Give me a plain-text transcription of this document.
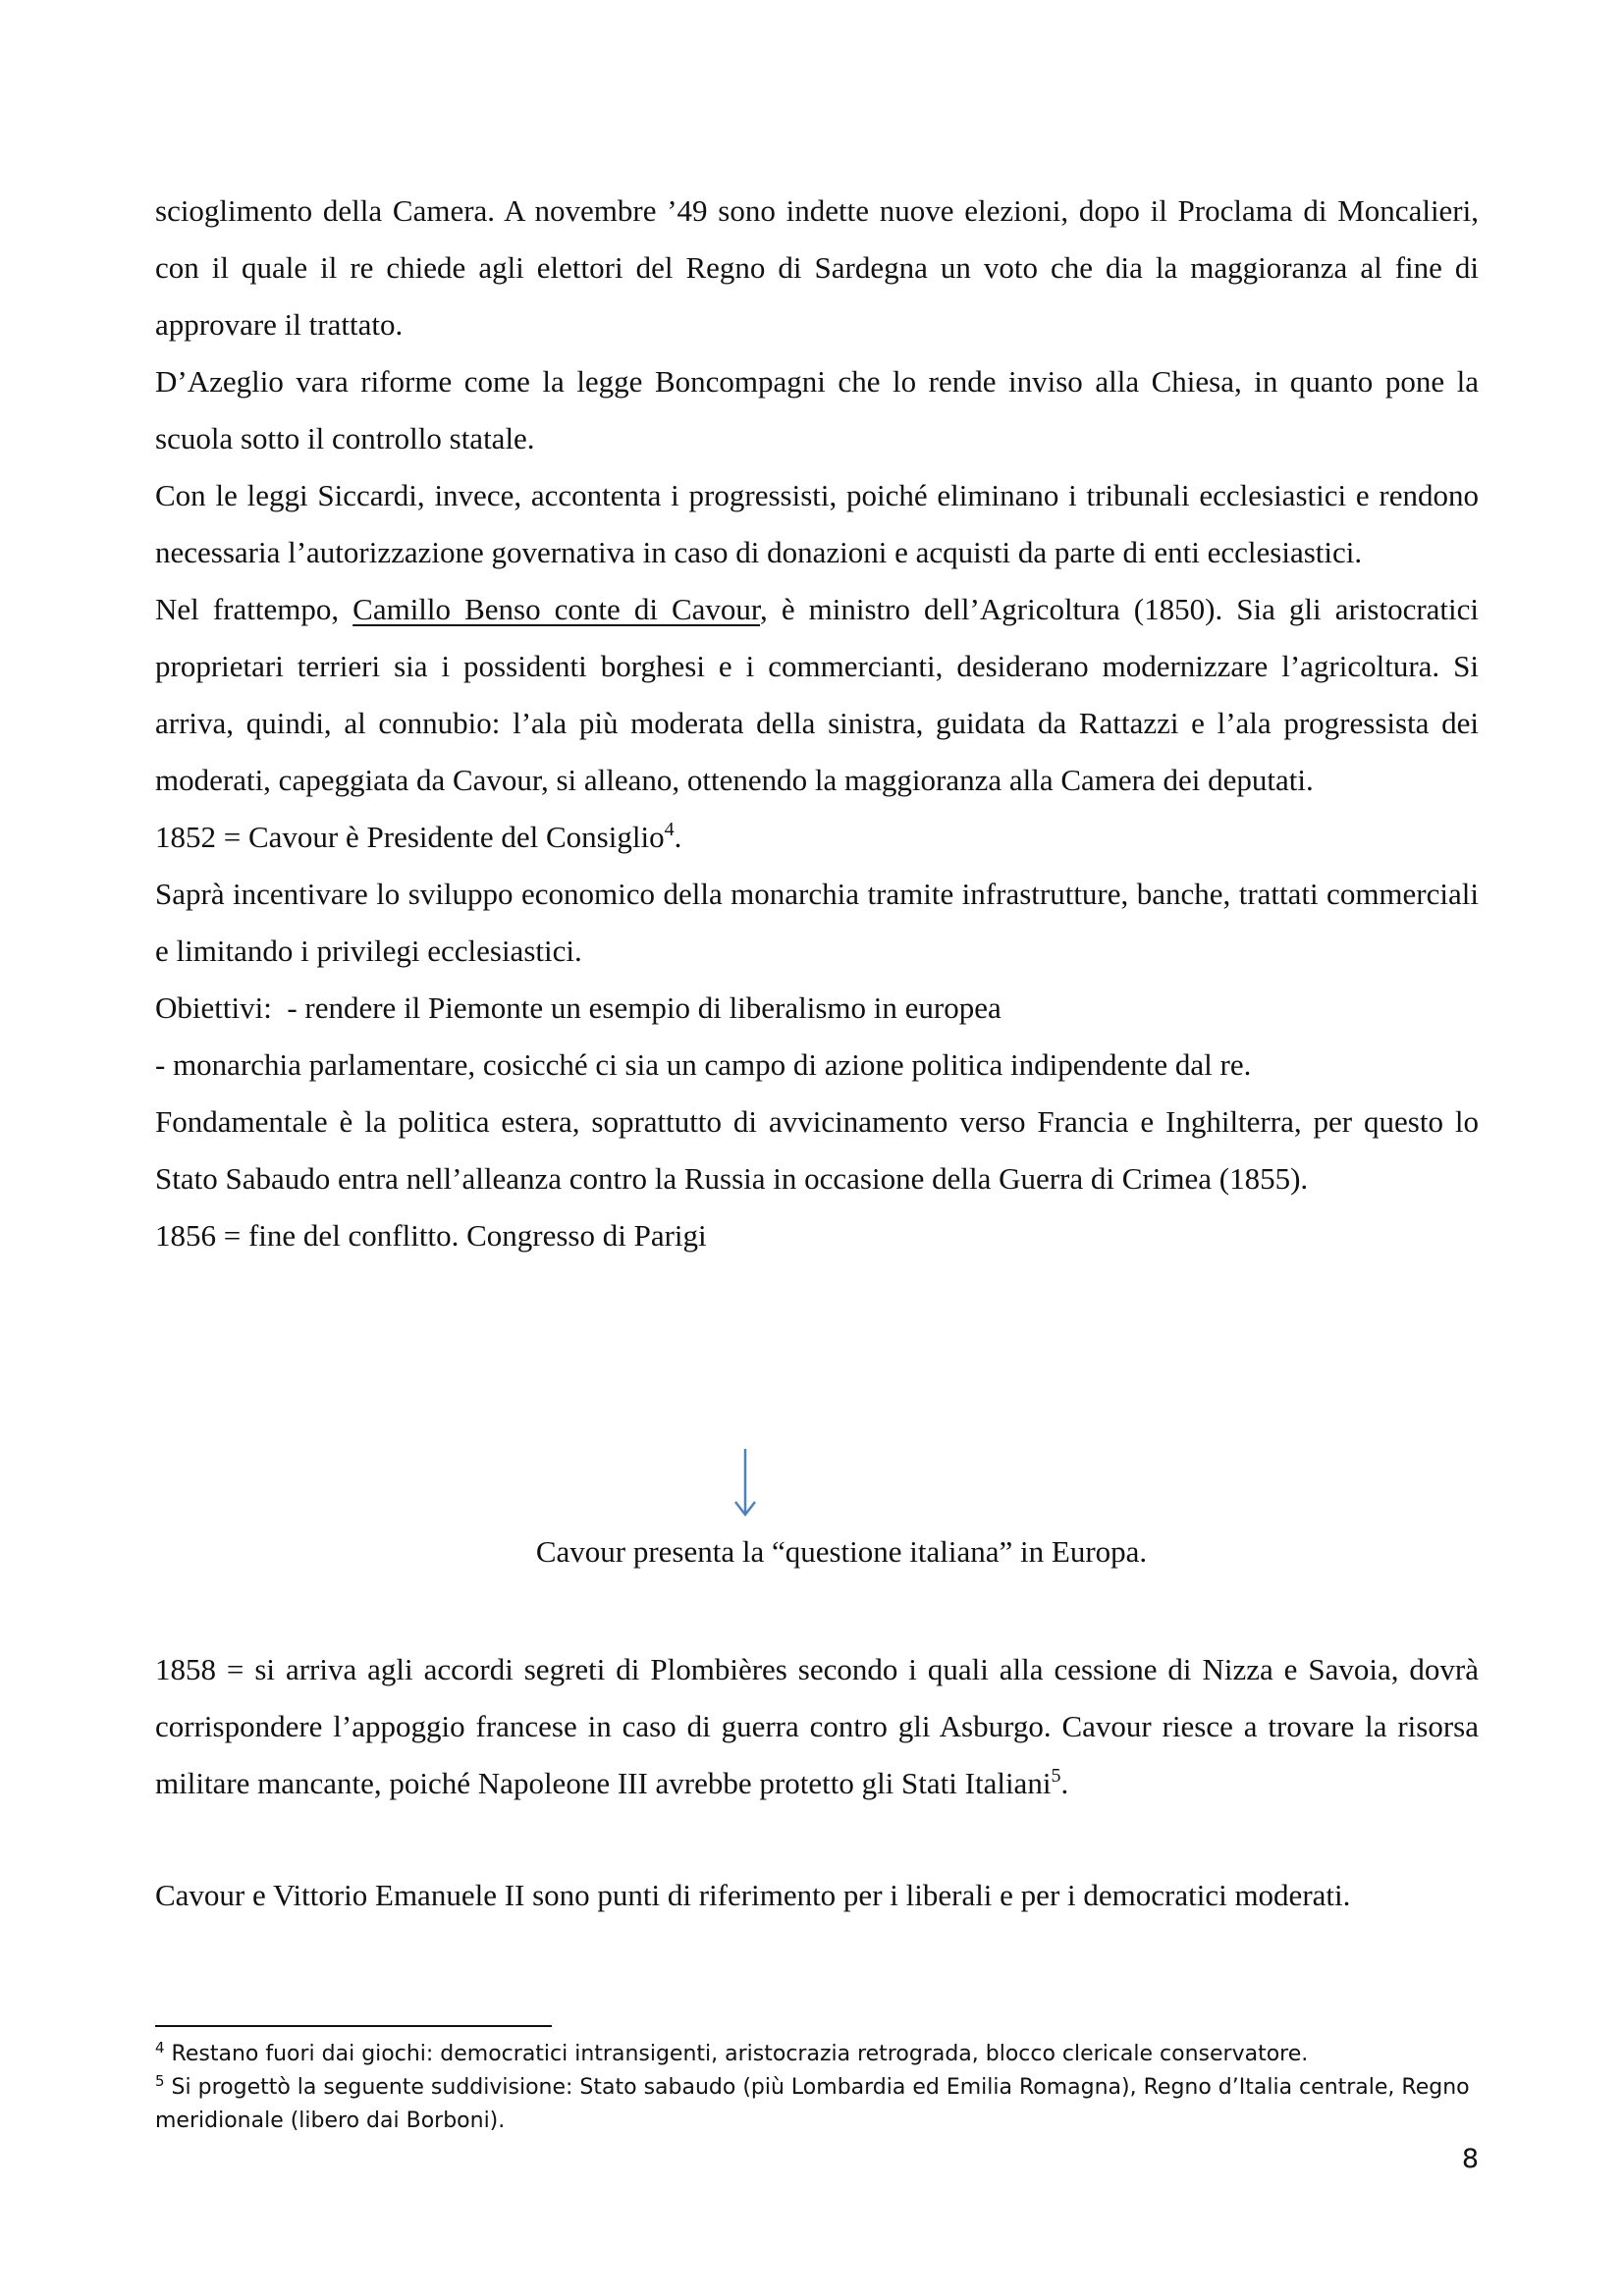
scioglimento della Camera. A novembre ’49 sono indette nuove elezioni, dopo il Proclama di Moncalieri, con il quale il re chiede agli elettori del Regno di Sardegna un voto che dia la maggioranza al fine di approvare il trattato.

D’Azeglio vara riforme come la legge Boncompagni che lo rende inviso alla Chiesa, in quanto pone la scuola sotto il controllo statale.

Con le leggi Siccardi, invece, accontenta i progressisti, poiché eliminano i tribunali ecclesiastici e rendono necessaria l’autorizzazione governativa in caso di donazioni e acquisti da parte di enti ecclesiastici.

Nel frattempo, Camillo Benso conte di Cavour, è ministro dell’Agricoltura (1850). Sia gli aristocratici proprietari terrieri sia i possidenti borghesi e i commercianti, desiderano modernizzare l’agricoltura. Si arriva, quindi, al connubio: l’ala più moderata della sinistra, guidata da Rattazzi e l’ala progressista dei moderati, capeggiata da Cavour, si alleano, ottenendo la maggioranza alla Camera dei deputati.

1852 = Cavour è Presidente del Consiglio$^4$.

Saprà incentivare lo sviluppo economico della monarchia tramite infrastrutture, banche, trattati commerciali e limitando i privilegi ecclesiastici.

Obiettivi:  - rendere il Piemonte un esempio di liberalismo in europea

- monarchia parlamentare, cosicché ci sia un campo di azione politica indipendente dal re.

Fondamentale è la politica estera, soprattutto di avvicinamento verso Francia e Inghilterra, per questo lo Stato Sabaudo entra nell’alleanza contro la Russia in occasione della Guerra di Crimea (1855).

1856 = fine del conflitto. Congresso di Parigi

Cavour presenta la “questione italiana” in Europa.

1858 = si arriva agli accordi segreti di Plombières secondo i quali alla cessione di Nizza e Savoia, dovrà corrispondere l’appoggio francese in caso di guerra contro gli Asburgo. Cavour riesce a trovare la risorsa militare mancante, poiché Napoleone III avrebbe protetto gli Stati Italiani$^5$.

Cavour e Vittorio Emanuele II sono punti di riferimento per i liberali e per i democratici moderati.

$^4$ Restano fuori dai giochi: democratici intransigenti, aristocrazia retrograda, blocco clericale conservatore.

$^5$ Si progettò la seguente suddivisione: Stato sabaudo (più Lombardia ed Emilia Romagna), Regno d’Italia centrale, Regno meridionale (libero dai Borboni).

8
